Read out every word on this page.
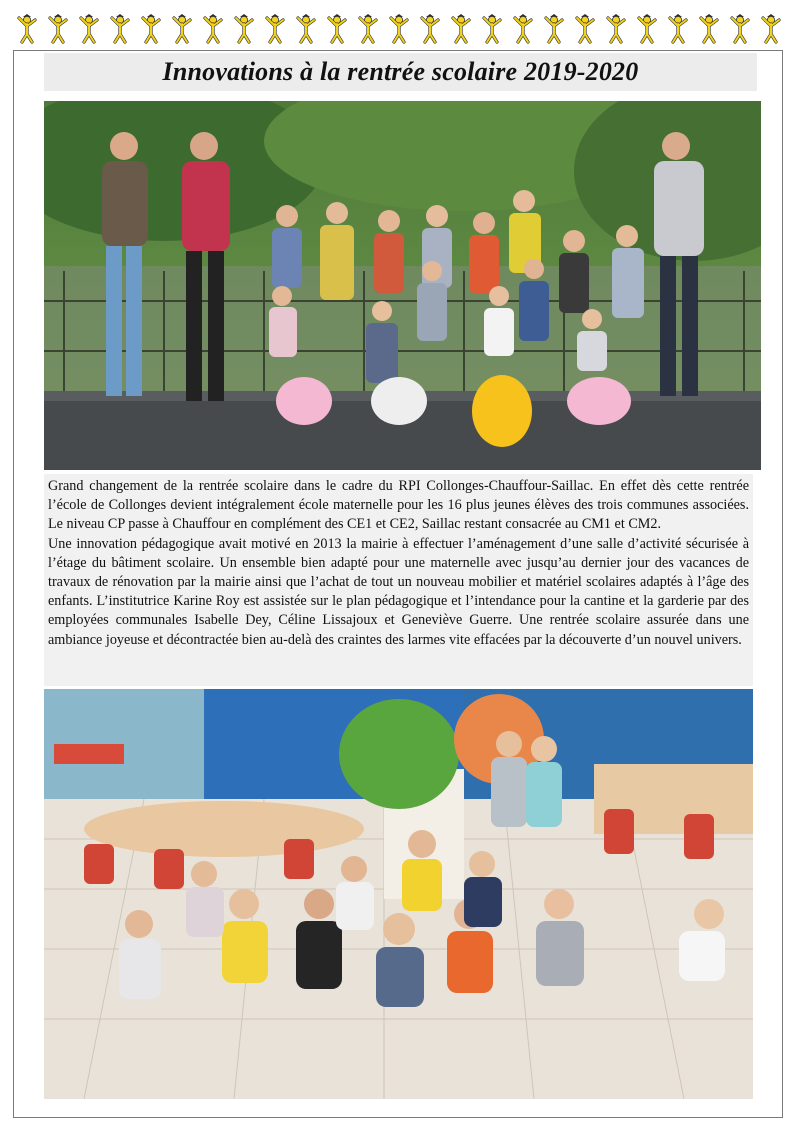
Innovations à la rentrée scolaire 2019-2020

Grand changement de la rentrée scolaire dans le cadre du RPI Collonges-Chauffour-Saillac. En effet dès cette rentrée l’école de Collonges devient intégralement école maternelle pour les 16 plus jeunes élèves des trois communes associées. Le niveau CP passe à Chauffour en complément des CE1 et CE2, Saillac restant consacrée au CM1 et CM2.

Une innovation pédagogique avait motivé en 2013 la mairie à effectuer l’aménagement d’une salle d’activité sécurisée à l’étage du bâtiment scolaire. Un ensemble bien adapté pour une maternelle avec jusqu’au dernier jour des vacances de travaux de rénovation par la mairie ainsi que l’achat de tout un nouveau mobilier et matériel scolaires adaptés à l’âge des enfants. L’institutrice Karine Roy est assistée sur le plan pédagogique et l’intendance pour la cantine et la garderie par des employées communales Isabelle Dey, Céline Lissajoux et Geneviève Guerre. Une rentrée scolaire assurée dans une ambiance joyeuse et décontractée bien au-delà des craintes des larmes vite effacées par la découverte d’un nouvel univers.
